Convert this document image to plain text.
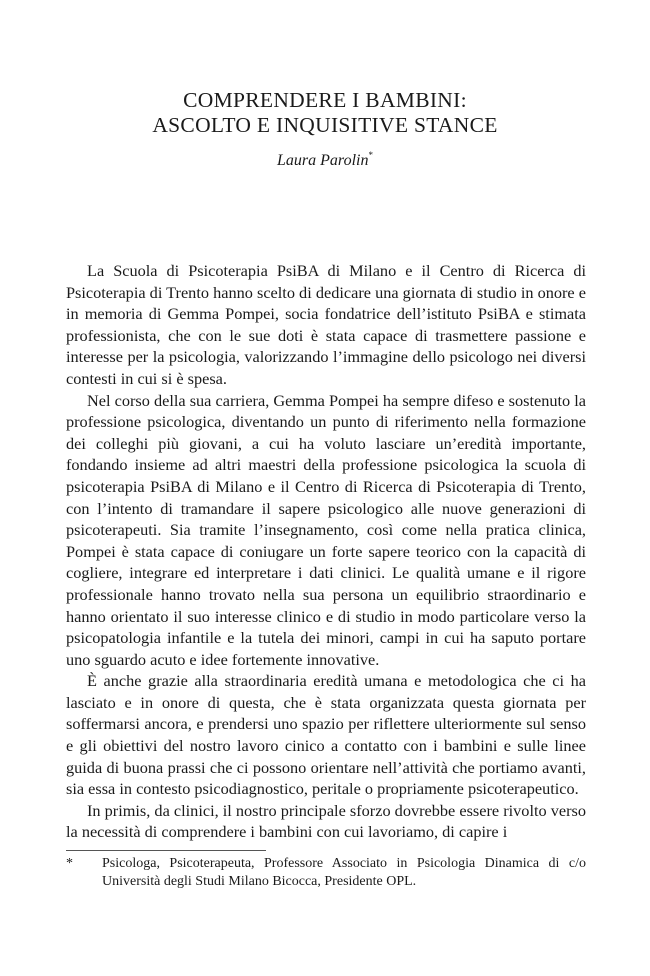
COMPRENDERE I BAMBINI:
ASCOLTO E INQUISITIVE STANCE
Laura Parolin*

La Scuola di Psicoterapia PsiBA di Milano e il Centro di Ricerca di Psicoterapia di Trento hanno scelto di dedicare una giornata di studio in onore e in memoria di Gemma Pompei, socia fondatrice dell’istituto PsiBA e stimata professionista, che con le sue doti è stata capace di trasmettere passione e interesse per la psicologia, valorizzando l’immagine dello psicologo nei diversi contesti in cui si è spesa.

Nel corso della sua carriera, Gemma Pompei ha sempre difeso e sostenuto la professione psicologica, diventando un punto di riferimento nella formazione dei colleghi più giovani, a cui ha voluto lasciare un’eredità importante, fondando insieme ad altri maestri della professione psicologica la scuola di psicoterapia PsiBA di Milano e il Centro di Ricerca di Psicoterapia di Trento, con l’intento di tramandare il sapere psicologico alle nuove generazioni di psicoterapeuti. Sia tramite l’insegnamento, così come nella pratica clinica, Pompei è stata capace di coniugare un forte sapere teorico con la capacità di cogliere, integrare ed interpretare i dati clinici. Le qualità umane e il rigore professionale hanno trovato nella sua persona un equilibrio straordinario e hanno orientato il suo interesse clinico e di studio in modo particolare verso la psicopatologia infantile e la tutela dei minori, campi in cui ha saputo portare uno sguardo acuto e idee fortemente innovative.

È anche grazie alla straordinaria eredità umana e metodologica che ci ha lasciato e in onore di questa, che è stata organizzata questa giornata per soffermarsi ancora, e prendersi uno spazio per riflettere ulteriormente sul senso e gli obiettivi del nostro lavoro cinico a contatto con i bambini e sulle linee guida di buona prassi che ci possono orientare nell’attività che portiamo avanti, sia essa in contesto psicodiagnostico, peritale o propriamente psicoterapeutico.

In primis, da clinici, il nostro principale sforzo dovrebbe essere rivolto verso la necessità di comprendere i bambini con cui lavoriamo, di capire i

*	Psicologa, Psicoterapeuta, Professore Associato in Psicologia Dinamica di c/o Università degli Studi Milano Bicocca, Presidente OPL.
